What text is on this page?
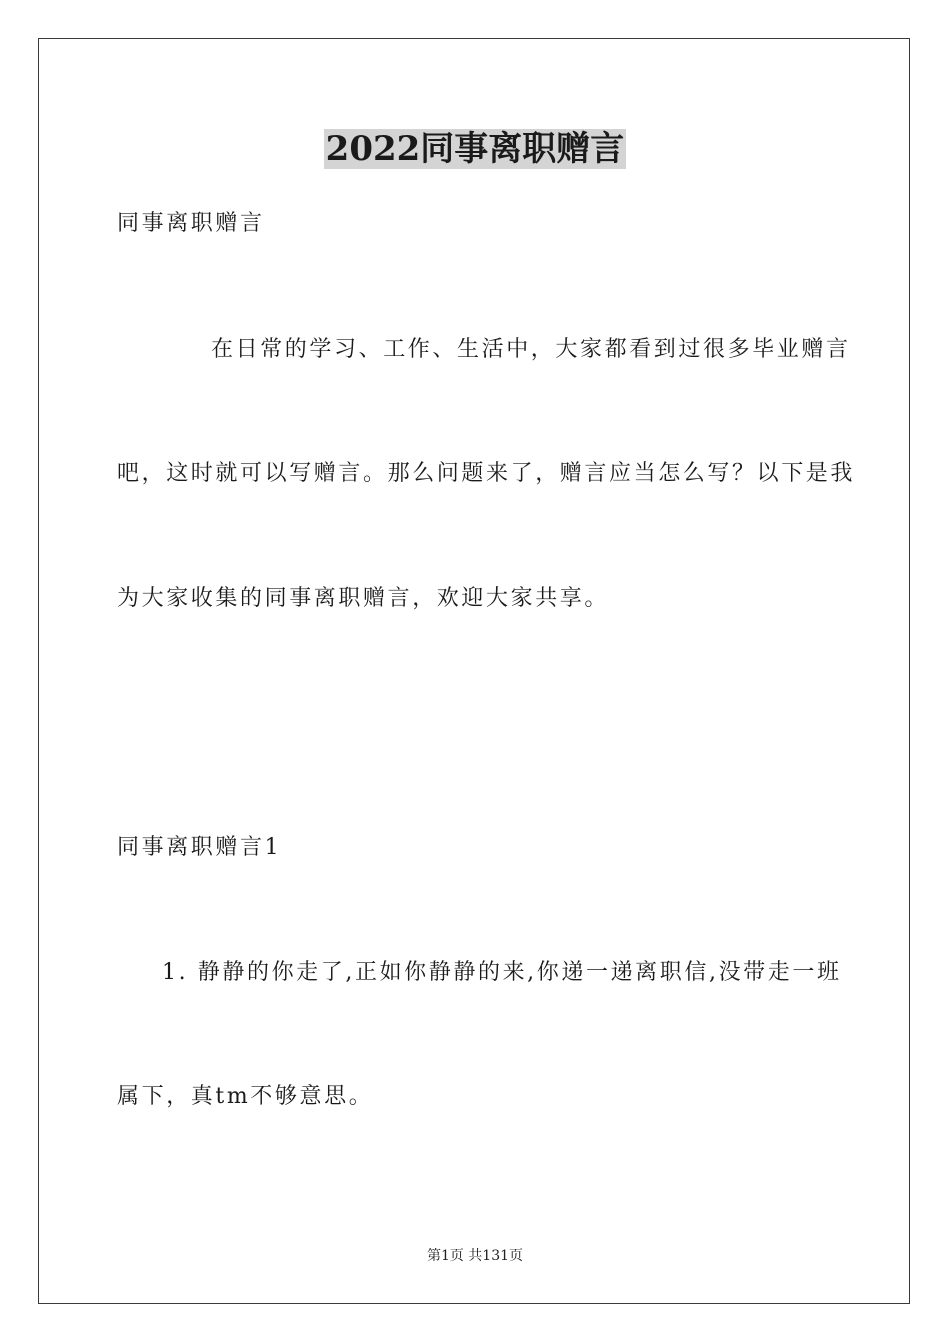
2022同事离职赠言
同事离职赠言
在日常的学习、工作、生活中，大家都看到过很多毕业赠言
吧，这时就可以写赠言。那么问题来了，赠言应当怎么写？以下是我
为大家收集的同事离职赠言，欢迎大家共享。
同事离职赠言1
1. 静静的你走了,正如你静静的来,你递一递离职信,没带走一班
属下，真tm不够意思。
第1页 共131页
